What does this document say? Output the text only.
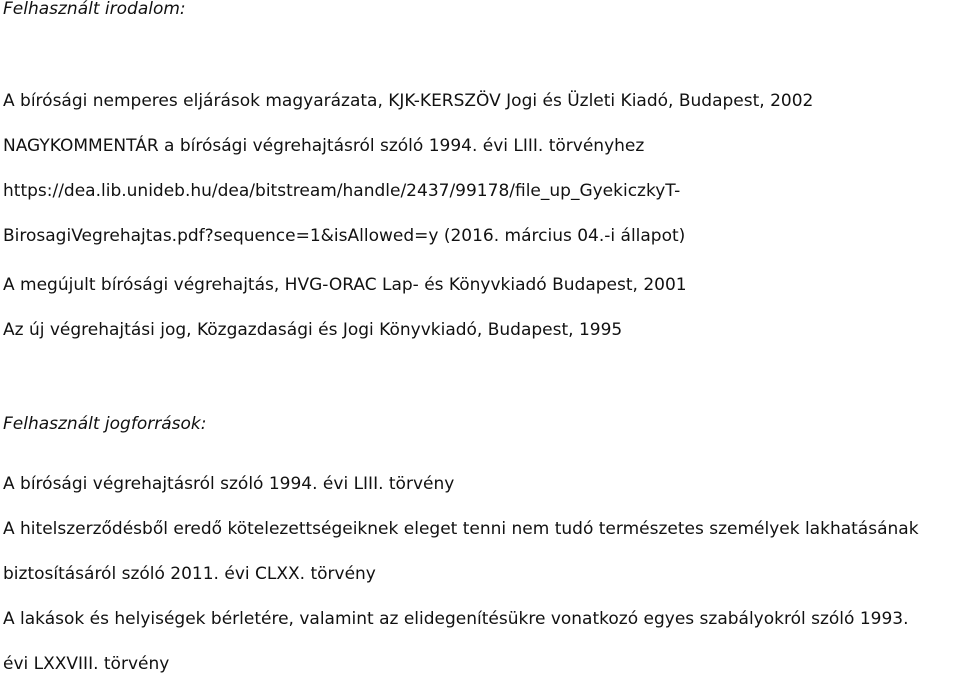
Felhasznált irodalom:
A bírósági nemperes eljárások magyarázata, KJK-KERSZÖV Jogi és Üzleti Kiadó, Budapest, 2002
NAGYKOMMENTÁR a bírósági végrehajtásról szóló 1994. évi LIII. törvényhez
https://dea.lib.unideb.hu/dea/bitstream/handle/2437/99178/file_up_GyekiczkyT-
BirosagiVegrehajtas.pdf?sequence=1&isAllowed=y (2016. március 04.-i állapot)
A megújult bírósági végrehajtás, HVG-ORAC Lap- és Könyvkiadó Budapest, 2001
Az új végrehajtási jog, Közgazdasági és Jogi Könyvkiadó, Budapest, 1995
Felhasznált jogforrások:
A bírósági végrehajtásról szóló 1994. évi LIII. törvény
A hitelszerződésből eredő kötelezettségeiknek eleget tenni nem tudó természetes személyek lakhatásának
biztosításáról szóló 2011. évi CLXX. törvény
A lakások és helyiségek bérletére, valamint az elidegenítésükre vonatkozó egyes szabályokról szóló 1993.
évi LXXVIII. törvény
